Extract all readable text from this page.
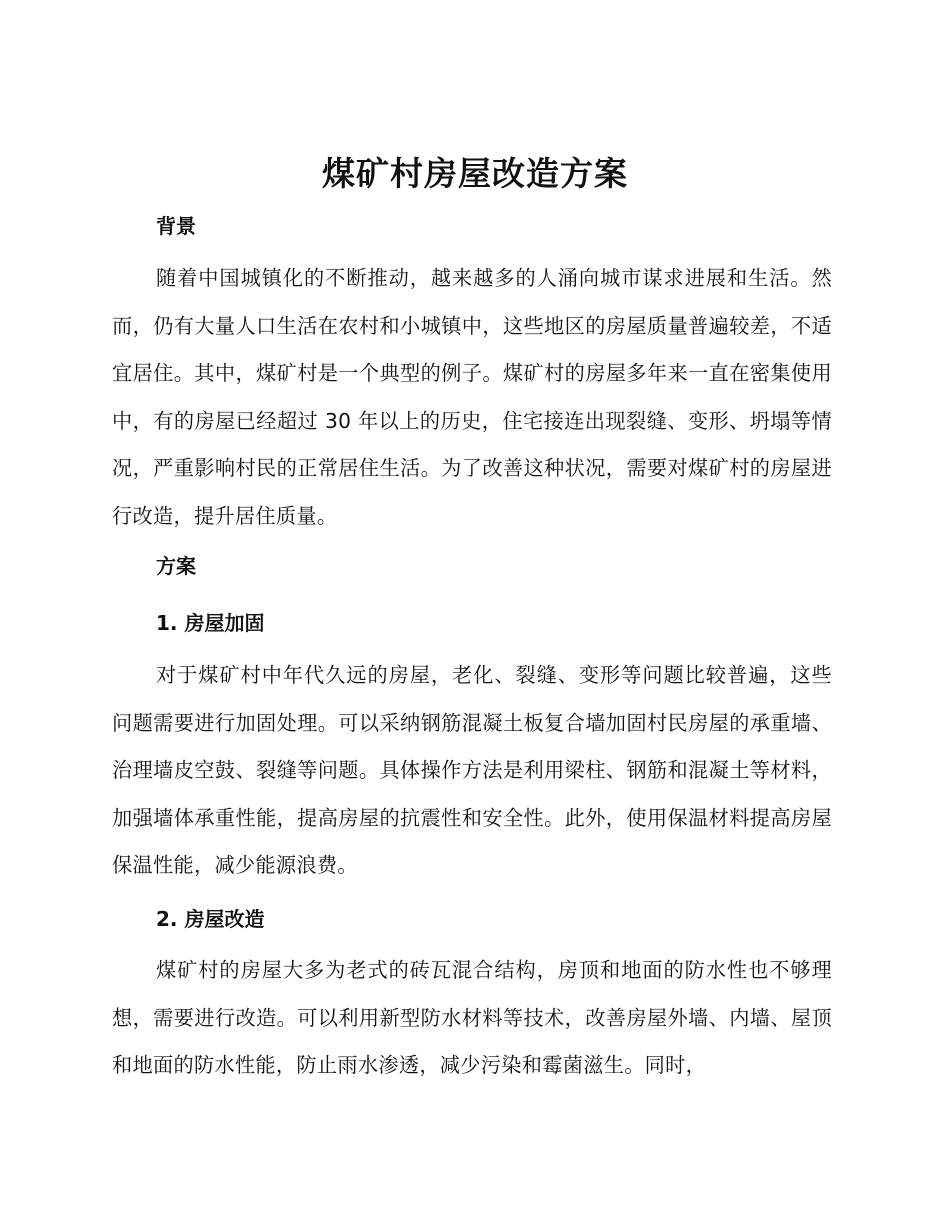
煤矿村房屋改造方案
背景

随着中国城镇化的不断推动，越来越多的人涌向城市谋求进展和生活。然而，仍有大量人口生活在农村和小城镇中，这些地区的房屋质量普遍较差，不适宜居住。其中，煤矿村是一个典型的例子。煤矿村的房屋多年来一直在密集使用中，有的房屋已经超过 30 年以上的历史，住宅接连出现裂缝、变形、坍塌等情况，严重影响村民的正常居住生活。为了改善这种状况，需要对煤矿村的房屋进行改造，提升居住质量。

方案
1. 房屋加固

对于煤矿村中年代久远的房屋，老化、裂缝、变形等问题比较普遍，这些问题需要进行加固处理。可以采纳钢筋混凝土板复合墙加固村民房屋的承重墙、治理墙皮空鼓、裂缝等问题。具体操作方法是利用梁柱、钢筋和混凝土等材料，加强墙体承重性能，提高房屋的抗震性和安全性。此外，使用保温材料提高房屋保温性能，减少能源浪费。

2. 房屋改造

煤矿村的房屋大多为老式的砖瓦混合结构，房顶和地面的防水性也不够理想，需要进行改造。可以利用新型防水材料等技术，改善房屋外墙、内墙、屋顶和地面的防水性能，防止雨水渗透，减少污染和霉菌滋生。同时，
